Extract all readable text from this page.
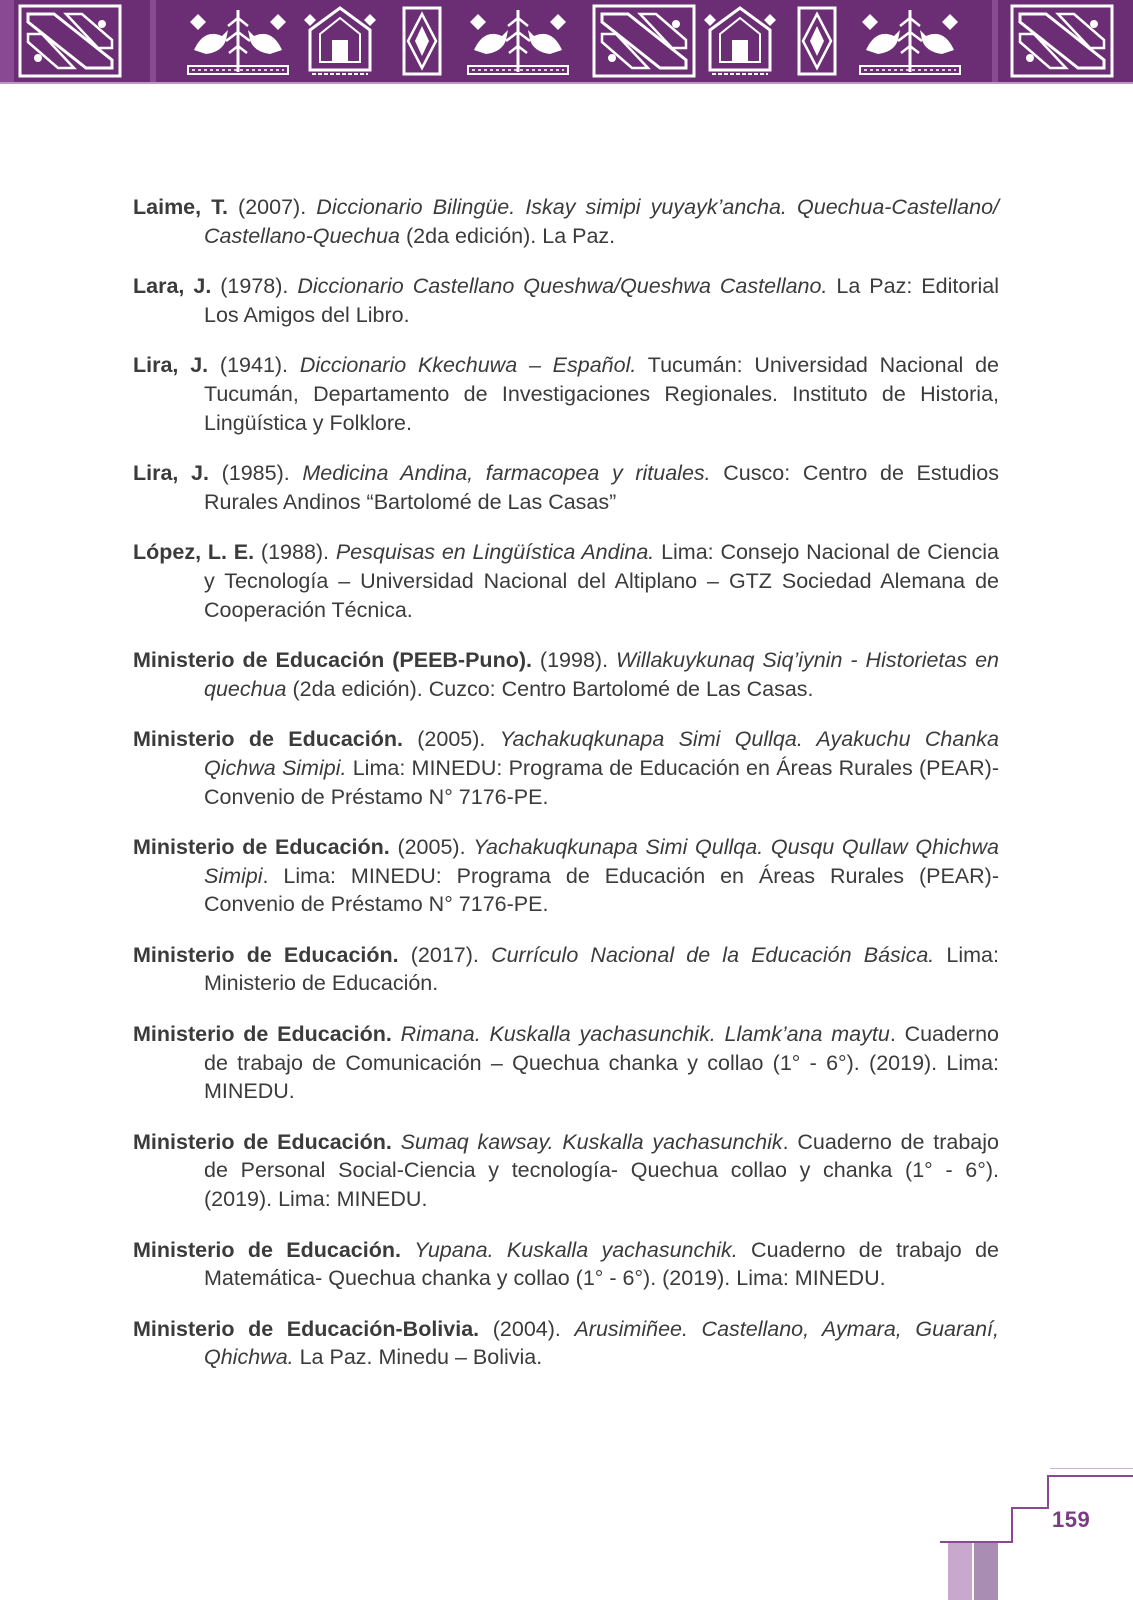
Laime, T. (2007). Diccionario Bilingüe. Iskay simipi yuyayk’ancha. Quechua-Castellano/ Castellano-Quechua (2da edición). La Paz.

Lara, J. (1978). Diccionario Castellano Queshwa/Queshwa Castellano. La Paz: Editorial Los Amigos del Libro.

Lira, J. (1941). Diccionario Kkechuwa – Español. Tucumán: Universidad Nacional de Tucumán, Departamento de Investigaciones Regionales. Instituto de Historia, Lingüística y Folklore.

Lira, J. (1985). Medicina Andina, farmacopea y rituales. Cusco: Centro de Estudios Rurales Andinos “Bartolomé de Las Casas”

López, L. E. (1988). Pesquisas en Lingüística Andina. Lima: Consejo Nacional de Ciencia y Tecnología – Universidad Nacional del Altiplano – GTZ Sociedad Alemana de Cooperación Técnica.

Ministerio de Educación (PEEB-Puno). (1998). Willakuykunaq Siq’iynin - Historietas en quechua (2da edición). Cuzco: Centro Bartolomé de Las Casas.

Ministerio de Educación. (2005). Yachakuqkunapa Simi Qullqa. Ayakuchu Chanka Qichwa Simipi. Lima: MINEDU: Programa de Educación en Áreas Rurales (PEAR)-Convenio de Préstamo N° 7176-PE.

Ministerio de Educación. (2005). Yachakuqkunapa Simi Qullqa. Qusqu Qullaw Qhichwa Simipi. Lima: MINEDU: Programa de Educación en Áreas Rurales (PEAR)-Convenio de Préstamo N° 7176-PE.

Ministerio de Educación. (2017). Currículo Nacional de la Educación Básica. Lima: Ministerio de Educación.

Ministerio de Educación. Rimana. Kuskalla yachasunchik. Llamk’ana maytu. Cuaderno de trabajo de Comunicación – Quechua chanka y collao (1° - 6°). (2019). Lima: MINEDU.

Ministerio de Educación. Sumaq kawsay. Kuskalla yachasunchik. Cuaderno de trabajo de Personal Social-Ciencia y tecnología- Quechua collao y chanka (1° - 6°). (2019). Lima: MINEDU.

Ministerio de Educación. Yupana. Kuskalla yachasunchik. Cuaderno de trabajo de Matemática- Quechua chanka y collao (1° - 6°). (2019). Lima: MINEDU.

Ministerio de Educación-Bolivia. (2004). Arusimiñee. Castellano, Aymara, Guaraní, Qhichwa. La Paz. Minedu – Bolivia.

159
